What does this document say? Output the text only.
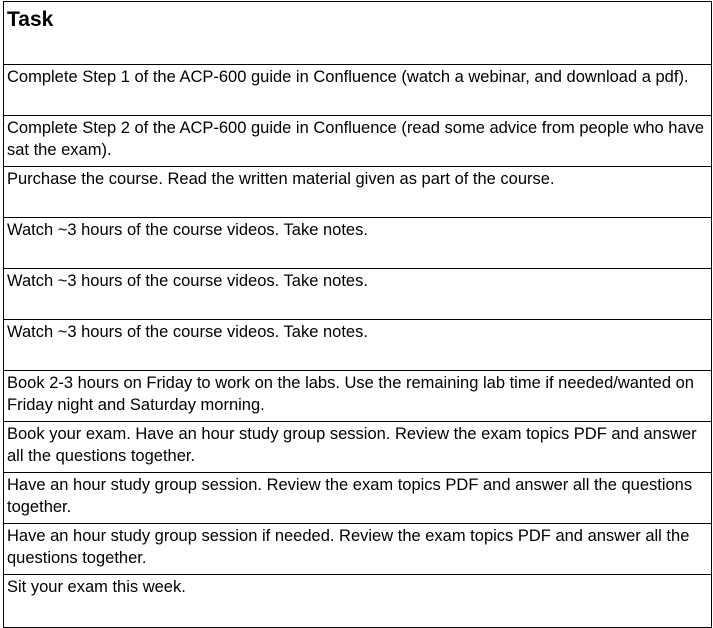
Task
Complete Step 1 of the ACP-600 guide in Confluence (watch a webinar, and download a pdf).
Complete Step 2 of the ACP-600 guide in Confluence (read some advice from people who have sat the exam).
Purchase the course. Read the written material given as part of the course.
Watch ~3 hours of the course videos. Take notes.
Watch ~3 hours of the course videos. Take notes.
Watch ~3 hours of the course videos. Take notes.
Book 2-3 hours on Friday to work on the labs. Use the remaining lab time if needed/wanted on Friday night and Saturday morning.
Book your exam. Have an hour study group session. Review the exam topics PDF and answer all the questions together.
Have an hour study group session. Review the exam topics PDF and answer all the questions together.
Have an hour study group session if needed. Review the exam topics PDF and answer all the questions together.
Sit your exam this week.
